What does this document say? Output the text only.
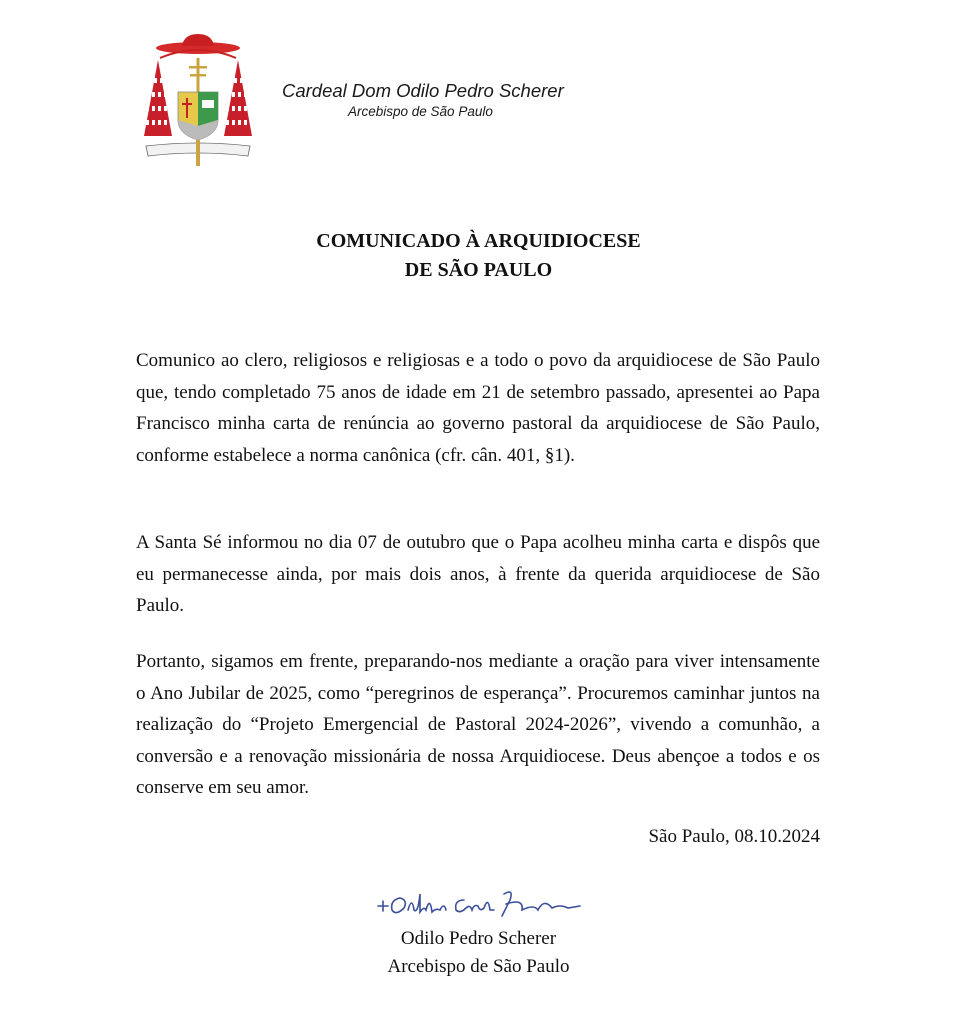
Cardeal Dom Odilo Pedro Scherer
Arcebispo de São Paulo
COMUNICADO À ARQUIDIOCESE
DE SÃO PAULO
Comunico ao clero, religiosos e religiosas e a todo o povo da arquidiocese de São Paulo que, tendo completado 75 anos de idade em 21 de setembro passado, apresentei ao Papa Francisco minha carta de renúncia ao governo pastoral da arquidiocese de São Paulo, conforme estabelece a norma canônica (cfr. cân. 401, §1).
A Santa Sé informou no dia 07 de outubro que o Papa acolheu minha carta e dispôs que eu permanecesse ainda, por mais dois anos, à frente da querida arquidiocese de São Paulo.
Portanto, sigamos em frente, preparando-nos mediante a oração para viver intensamente o Ano Jubilar de 2025, como “peregrinos de esperança”. Procuremos caminhar juntos na realização do “Projeto Emergencial de Pastoral 2024-2026”, vivendo a comunhão, a conversão e a renovação missionária de nossa Arquidiocese. Deus abençoe a todos e os conserve em seu amor.
São Paulo, 08.10.2024
Odilo Pedro Scherer
Arcebispo de São Paulo
